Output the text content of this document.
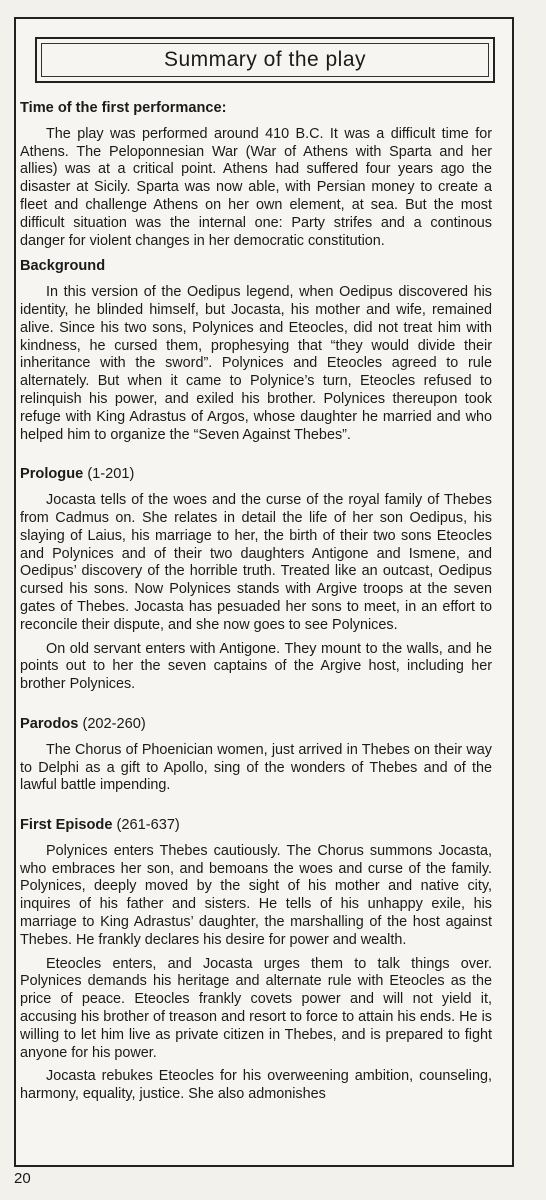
Summary of the play

Time of the first performance:

The play was performed around 410 B.C. It was a difficult time for Athens. The Peloponnesian War (War of Athens with Sparta and her allies) was at a critical point. Athens had suffered four years ago the disaster at Sicily. Sparta was now able, with Persian money to create a fleet and challenge Athens on her own element, at sea. But the most difficult situation was the internal one: Party strifes and a continous danger for violent changes in her democratic constitution.

Background

In this version of the Oedipus legend, when Oedipus discovered his identity, he blinded himself, but Jocasta, his mother and wife, remained alive. Since his two sons, Polynices and Eteocles, did not treat him with kindness, he cursed them, prophesying that “they would divide their inheritance with the sword”. Polynices and Eteocles agreed to rule alternately. But when it came to Polynice’s turn, Eteocles refused to relinquish his power, and exiled his brother. Polynices thereupon took refuge with King Adrastus of Argos, whose daughter he married and who helped him to organize the “Seven Against Thebes”.

Prologue (1-201)

Jocasta tells of the woes and the curse of the royal family of Thebes from Cadmus on. She relates in detail the life of her son Oedipus, his slaying of Laius, his marriage to her, the birth of their two sons Eteocles and Polynices and of their two daughters Antigone and Ismene, and Oedipus’ discovery of the horrible truth. Treated like an outcast, Oedipus cursed his sons. Now Polynices stands with Argive troops at the seven gates of Thebes. Jocasta has pesuaded her sons to meet, in an effort to reconcile their dispute, and she now goes to see Polynices.

On old servant enters with Antigone. They mount to the walls, and he points out to her the seven captains of the Argive host, including her brother Polynices.

Parodos (202-260)

The Chorus of Phoenician women, just arrived in Thebes on their way to Delphi as a gift to Apollo, sing of the wonders of Thebes and of the lawful battle impending.

First Episode (261-637)

Polynices enters Thebes cautiously. The Chorus summons Jocasta, who embraces her son, and bemoans the woes and curse of the family. Polynices, deeply moved by the sight of his mother and native city, inquires of his father and sisters. He tells of his unhappy exile, his marriage to King Adrastus’ daughter, the marshalling of the host against Thebes. He frankly declares his desire for power and wealth.

Eteocles enters, and Jocasta urges them to talk things over. Polynices demands his heritage and alternate rule with Eteocles as the price of peace. Eteocles frankly covets power and will not yield it, accusing his brother of treason and resort to force to attain his ends. He is willing to let him live as private citizen in Thebes, and is prepared to fight anyone for his power.

Jocasta rebukes Eteocles for his overweening ambition, counseling, harmony, equality, justice. She also admonishes

20
